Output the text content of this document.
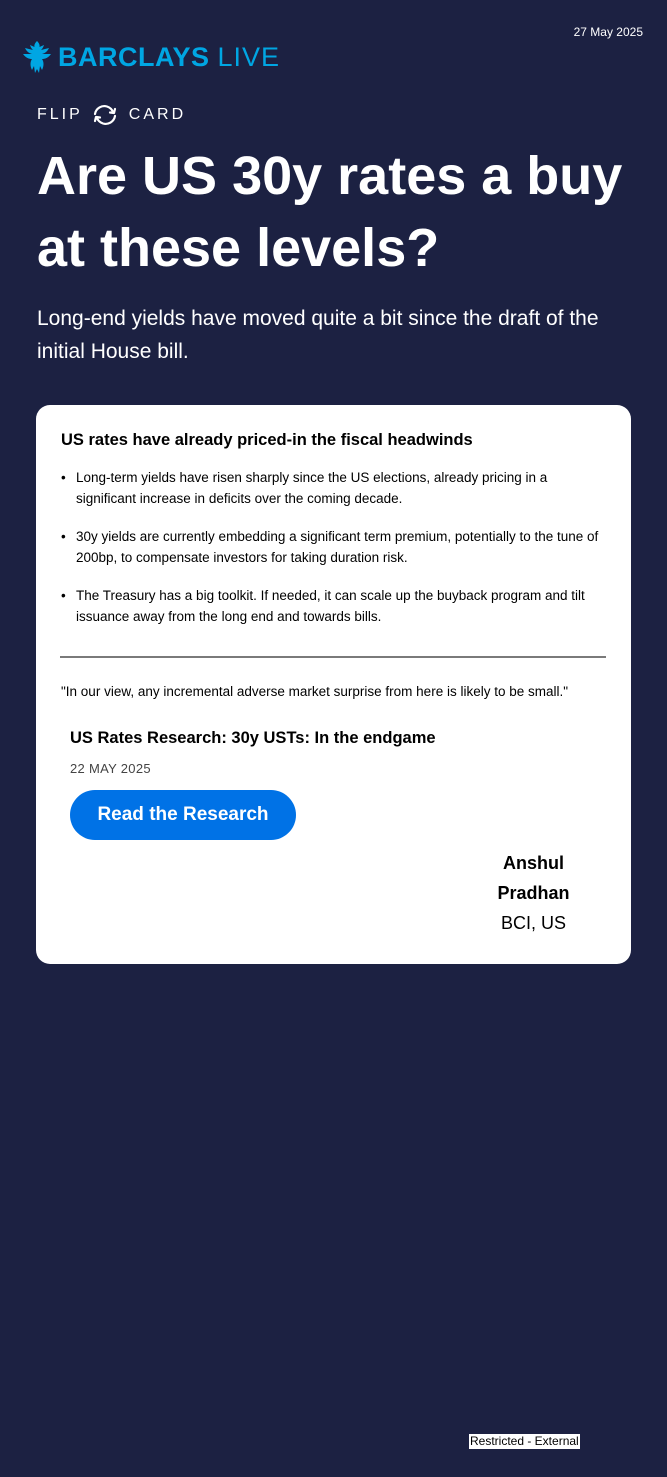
27 May 2025
BARCLAYS LIVE
FLIP	CARD
Are US 30y rates a buy at these levels?

Long-end yields have moved quite a bit since the draft of the initial House bill.

US rates have already priced-in the fiscal headwinds
• Long-term yields have risen sharply since the US elections, already pricing in a significant increase in deficits over the coming decade.
• 30y yields are currently embedding a significant term premium, potentially to the tune of 200bp, to compensate investors for taking duration risk.
• The Treasury has a big toolkit. If needed, it can scale up the buyback program and tilt issuance away from the long end and towards bills.

"In our view, any incremental adverse market surprise from here is likely to be small."

US Rates Research: 30y USTs: In the endgame
22 MAY 2025
Read the Research
Anshul Pradhan
BCI, US
Restricted - External
